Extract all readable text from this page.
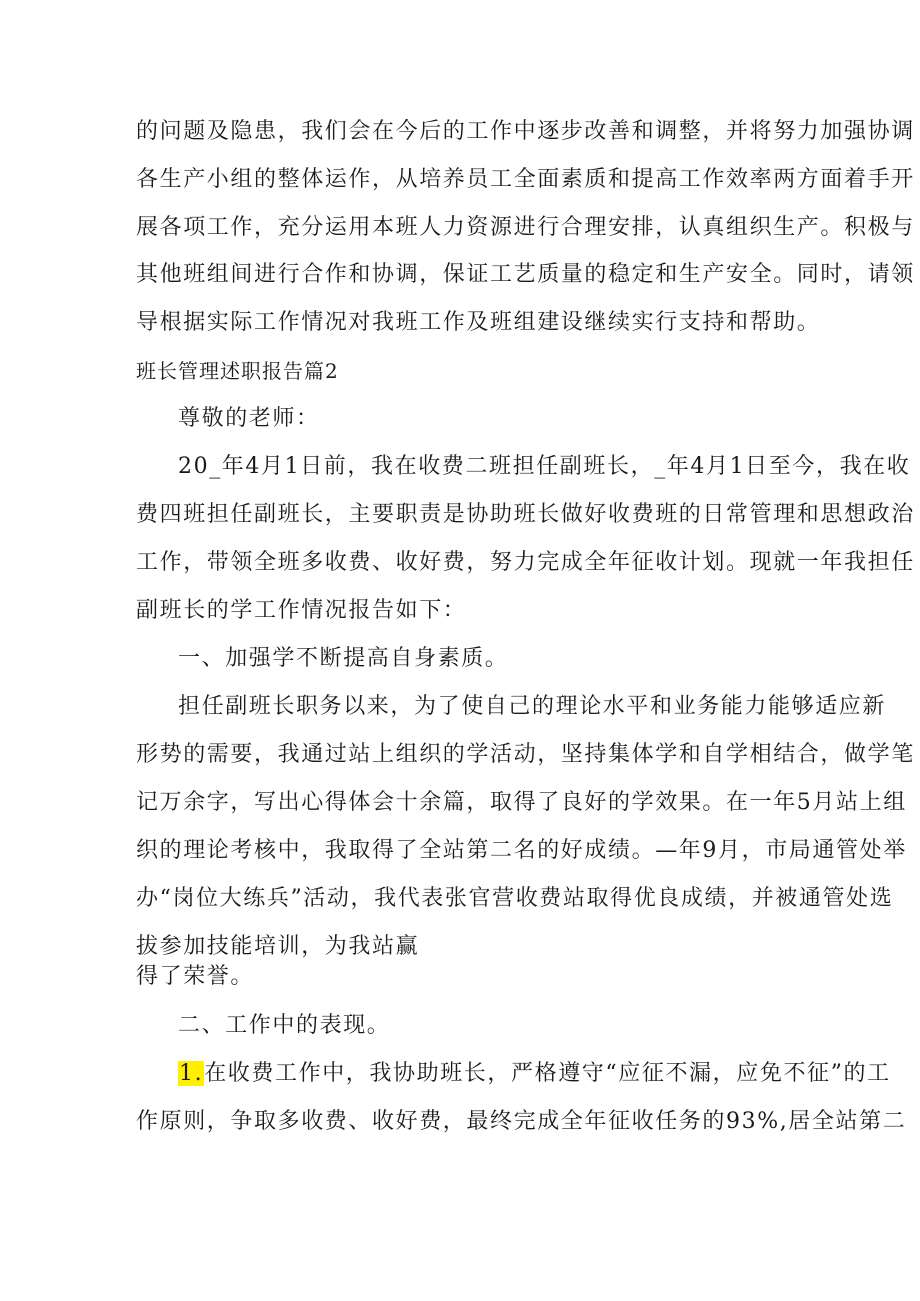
的问题及隐患，我们会在今后的工作中逐步改善和调整，并将努力加强协调
各生产小组的整体运作，从培养员工全面素质和提高工作效率两方面着手开
展各项工作，充分运用本班人力资源进行合理安排，认真组织生产。积极与
其他班组间进行合作和协调，保证工艺质量的稳定和生产安全。同时，请领
导根据实际工作情况对我班工作及班组建设继续实行支持和帮助。
班长管理述职报告篇2
尊敬的老师：
20_年4月1日前，我在收费二班担任副班长，_年4月1日至今，我在收
费四班担任副班长，主要职责是协助班长做好收费班的日常管理和思想政治
工作，带领全班多收费、收好费，努力完成全年征收计划。现就一年我担任
副班长的学工作情况报告如下：
一、加强学不断提高自身素质。
担任副班长职务以来，为了使自己的理论水平和业务能力能够适应新
形势的需要，我通过站上组织的学活动，坚持集体学和自学相结合，做学笔
记万余字，写出心得体会十余篇，取得了良好的学效果。在一年5月站上组
织的理论考核中，我取得了全站第二名的好成绩。—年9月，市局通管处举
办“岗位大练兵”活动，我代表张官营收费站取得优良成绩，并被通管处选
拔参加技能培训，为我站赢
得了荣誉。
二、工作中的表现。
1.在收费工作中，我协助班长，严格遵守“应征不漏，应免不征”的工
作原则，争取多收费、收好费，最终完成全年征收任务的93%,居全站第二
